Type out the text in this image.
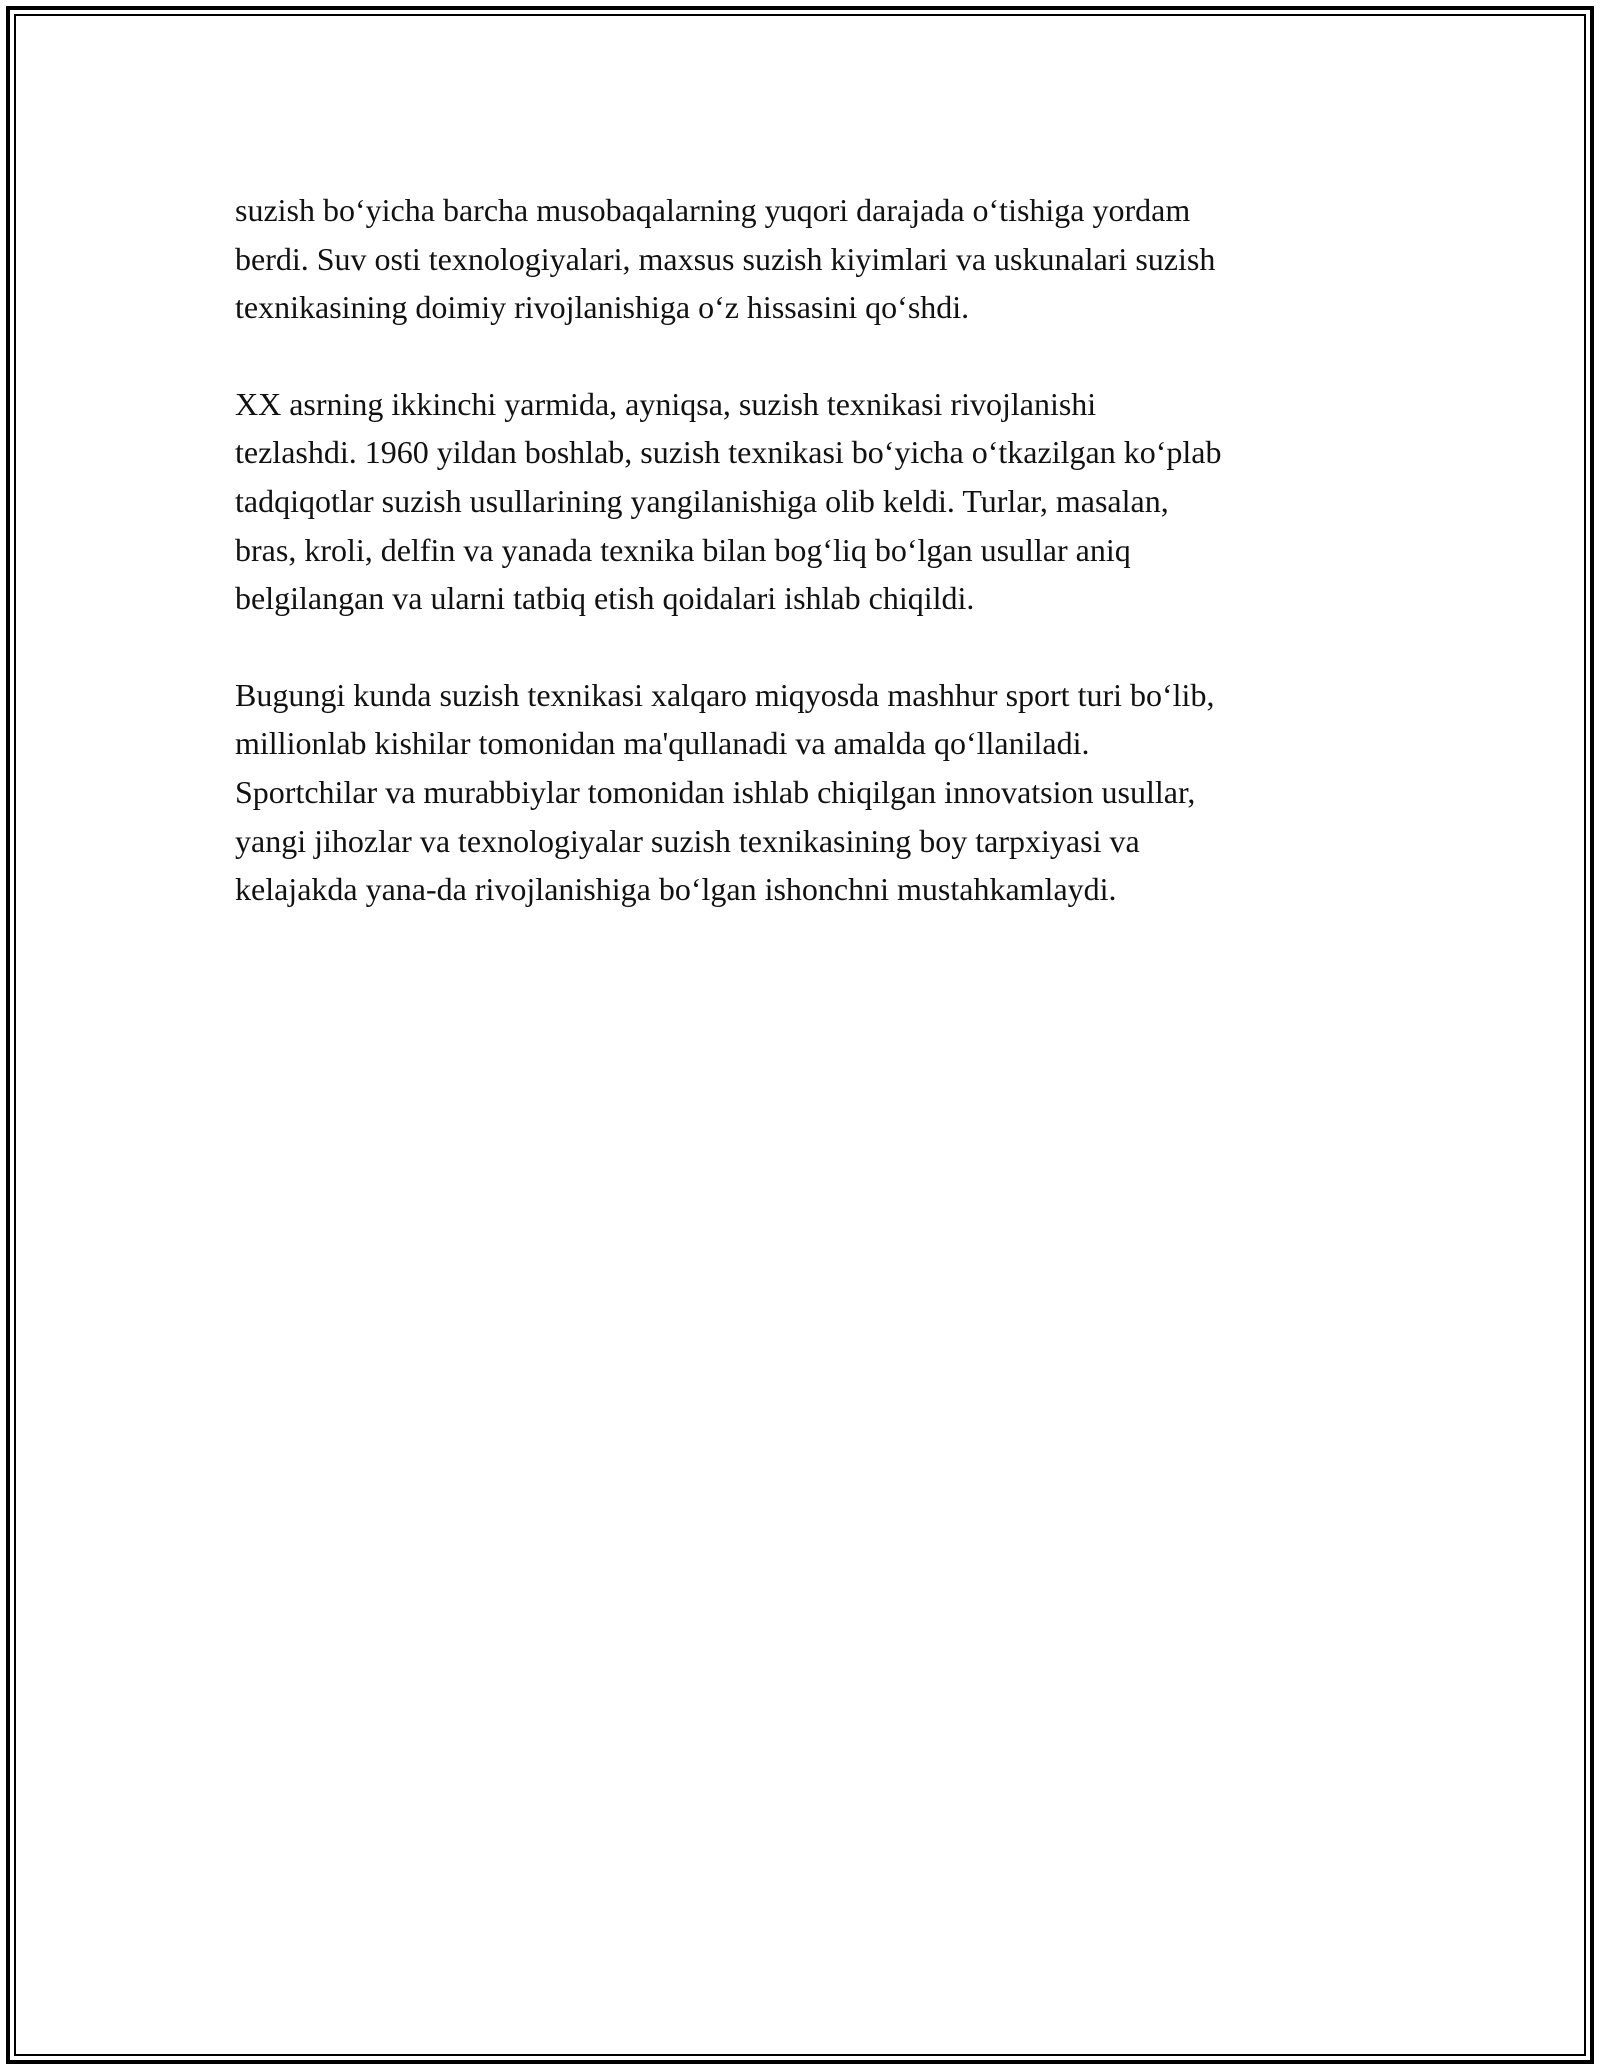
suzish bo‘yicha barcha musobaqalarning yuqori darajada o‘tishiga yordam
berdi. Suv osti texnologiyalari, maxsus suzish kiyimlari va uskunalari suzish
texnikasining doimiy rivojlanishiga o‘z hissasini qo‘shdi.

XX asrning ikkinchi yarmida, ayniqsa, suzish texnikasi rivojlanishi
tezlashdi. 1960 yildan boshlab, suzish texnikasi bo‘yicha o‘tkazilgan ko‘plab
tadqiqotlar suzish usullarining yangilanishiga olib keldi. Turlar, masalan,
bras, kroli, delfin va yanada texnika bilan bog‘liq bo‘lgan usullar aniq
belgilangan va ularni tatbiq etish qoidalari ishlab chiqildi.

Bugungi kunda suzish texnikasi xalqaro miqyosda mashhur sport turi bo‘lib,
millionlab kishilar tomonidan ma'qullanadi va amalda qo‘llaniladi.
Sportchilar va murabbiylar tomonidan ishlab chiqilgan innovatsion usullar,
yangi jihozlar va texnologiyalar suzish texnikasining boy tarpxiyasi va
kelajakda yana-da rivojlanishiga bo‘lgan ishonchni mustahkamlaydi.
